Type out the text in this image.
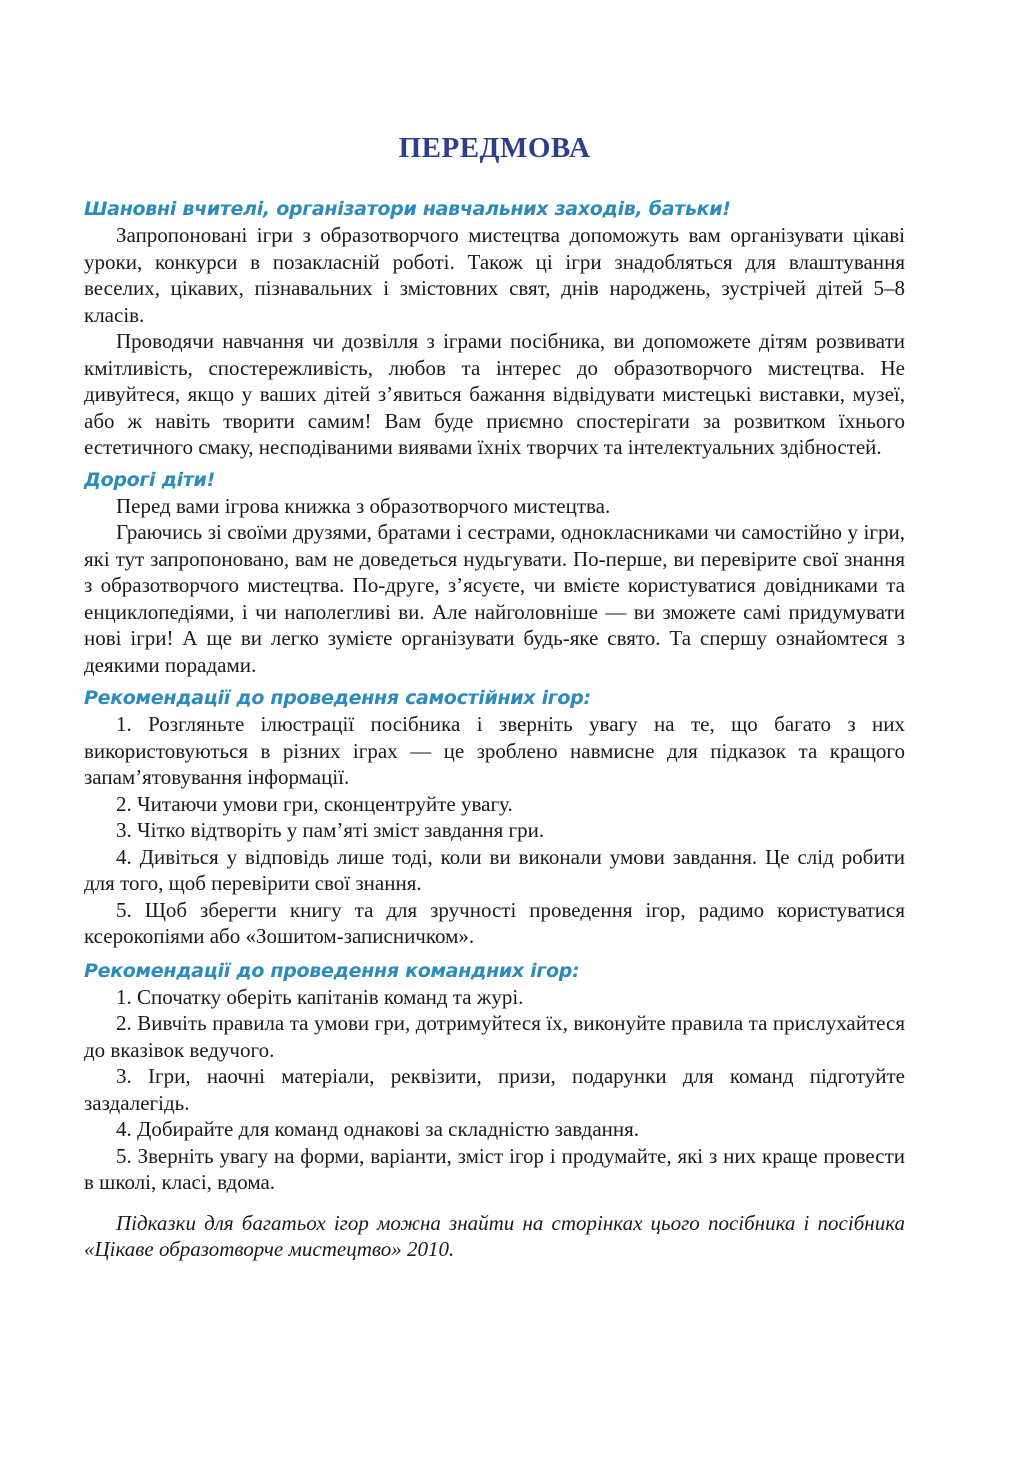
ПЕРЕДМОВА
Шановні вчителі, організатори навчальних заходів, батьки!

Запропоновані ігри з образотворчого мистецтва допоможуть вам організувати цікаві уроки, конкурси в позакласній роботі. Також ці ігри знадобляться для влаштування веселих, цікавих, пізнавальних і змістовних свят, днів народжень, зустрічей дітей 5–8 класів.

Проводячи навчання чи дозвілля з іграми посібника, ви допоможете дітям розвивати кмітливість, спостережливість, любов та інтерес до образотворчого мистецтва. Не дивуйтеся, якщо у ваших дітей з’явиться бажання відвідувати мистецькі виставки, музеї, або ж навіть творити самим! Вам буде приємно спостерігати за розвитком їхнього естетичного смаку, несподіваними виявами їхніх творчих та інтелектуальних здібностей.

Дорогі діти!

Перед вами ігрова книжка з образотворчого мистецтва.

Граючись зі своїми друзями, братами і сестрами, однокласниками чи самостійно у ігри, які тут запропоновано, вам не доведеться нудьгувати. По-перше, ви перевірите свої знання з образотворчого мистецтва. По-друге, з’ясуєте, чи вмієте користуватися довідниками та енциклопедіями, і чи наполегливі ви. Але найголовніше — ви зможете самі придумувати нові ігри! А ще ви легко зумієте організувати будь-яке свято. Та спершу ознайомтеся з деякими порадами.

Рекомендації до проведення самостійних ігор:

1. Розгляньте ілюстрації посібника і зверніть увагу на те, що багато з них використовуються в різних іграх — це зроблено навмисне для підказок та кращого запам’ятовування інформації.

2. Читаючи умови гри, сконцентруйте увагу.

3. Чітко відтворіть у пам’яті зміст завдання гри.

4. Дивіться у відповідь лише тоді, коли ви виконали умови завдання. Це слід робити для того, щоб перевірити свої знання.

5. Щоб зберегти книгу та для зручності проведення ігор, радимо користуватися ксерокопіями або «Зошитом-записничком».

Рекомендації до проведення командних ігор:

1. Спочатку оберіть капітанів команд та журі.

2. Вивчіть правила та умови гри, дотримуйтеся їх, виконуйте правила та прислухайтеся до вказівок ведучого.

3. Ігри, наочні матеріали, реквізити, призи, подарунки для команд підготуйте заздалегідь.

4. Добирайте для команд однакові за складністю завдання.

5. Зверніть увагу на форми, варіанти, зміст ігор і продумайте, які з них краще провести в школі, класі, вдома.

Підказки для багатьох ігор можна знайти на сторінках цього посібника і посібника «Цікаве образотворче мистецтво» 2010.
